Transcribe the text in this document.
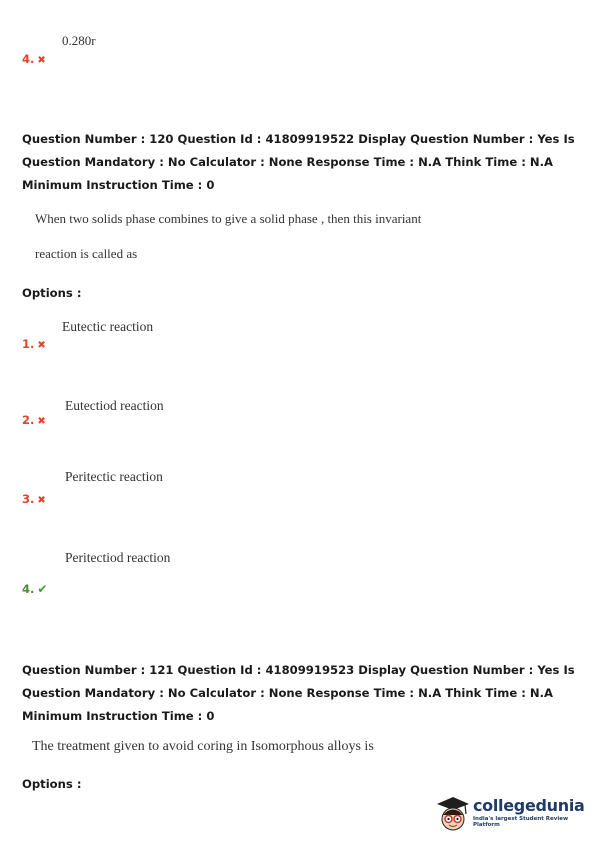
0.280r
4. ✖
Question Number : 120 Question Id : 41809919522 Display Question Number : Yes Is Question Mandatory : No Calculator : None Response Time : N.A Think Time : N.A Minimum Instruction Time : 0
When two solids phase combines to give a solid phase , then this invariant
reaction is called as
Options :
Eutectic reaction
1. ✖
Eutectiod reaction
2. ✖
Peritectic reaction
3. ✖
Peritectiod reaction
4. ✔
Question Number : 121 Question Id : 41809919523 Display Question Number : Yes Is Question Mandatory : No Calculator : None Response Time : N.A Think Time : N.A Minimum Instruction Time : 0
The treatment given to avoid coring in Isomorphous alloys is
Options :
collegedunia
India's largest Student Review Platform
